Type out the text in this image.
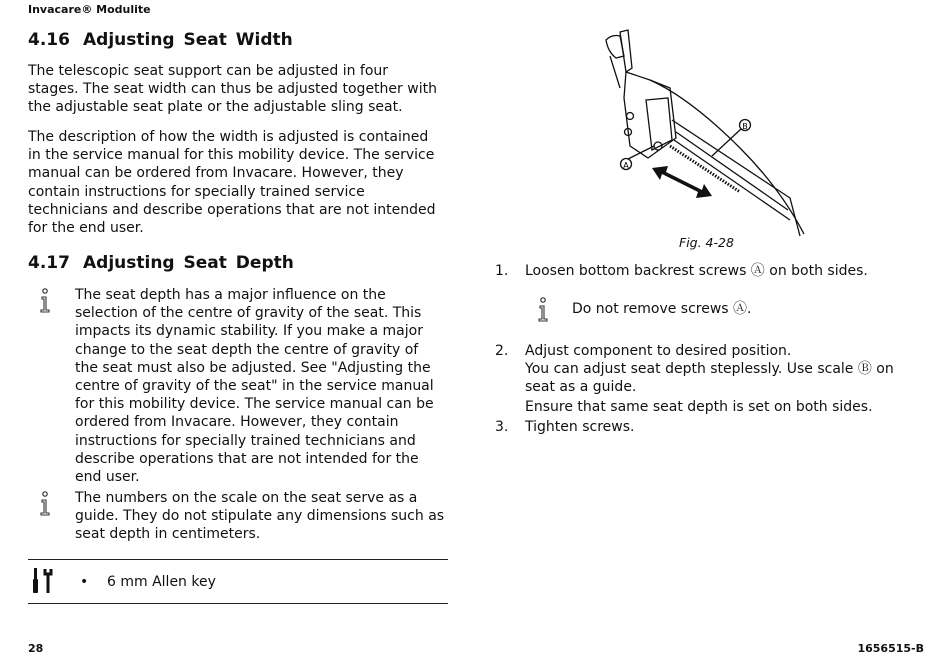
Invacare® Modulite
4.16 Adjusting Seat Width
The telescopic seat support can be adjusted in four stages. The seat width can thus be adjusted together with the adjustable seat plate or the adjustable sling seat.
The description of how the width is adjusted is contained in the service manual for this mobility device. The service manual can be ordered from Invacare. However, they contain instructions for specially trained service technicians and describe operations that are not intended for the end user.
4.17 Adjusting Seat Depth
The seat depth has a major influence on the selection of the centre of gravity of the seat. This impacts its dynamic stability. If you make a major change to the seat depth the centre of gravity of the seat must also be adjusted. See "Adjusting the centre of gravity of the seat" in the service manual for this mobility device. The service manual can be ordered from Invacare. However, they contain instructions for specially trained technicians and describe operations that are not intended for the end user.
The numbers on the scale on the seat serve as a guide. They do not stipulate any dimensions such as seat depth in centimeters.
• 6 mm Allen key
B
A
Fig. 4-28
1.	Loosen bottom backrest screws Ⓐ on both sides.
Do not remove screws Ⓐ.
2.	Adjust component to desired position.
You can adjust seat depth steplessly. Use scale Ⓑ on seat as a guide.
Ensure that same seat depth is set on both sides.
3.	Tighten screws.
28	1656515-B
